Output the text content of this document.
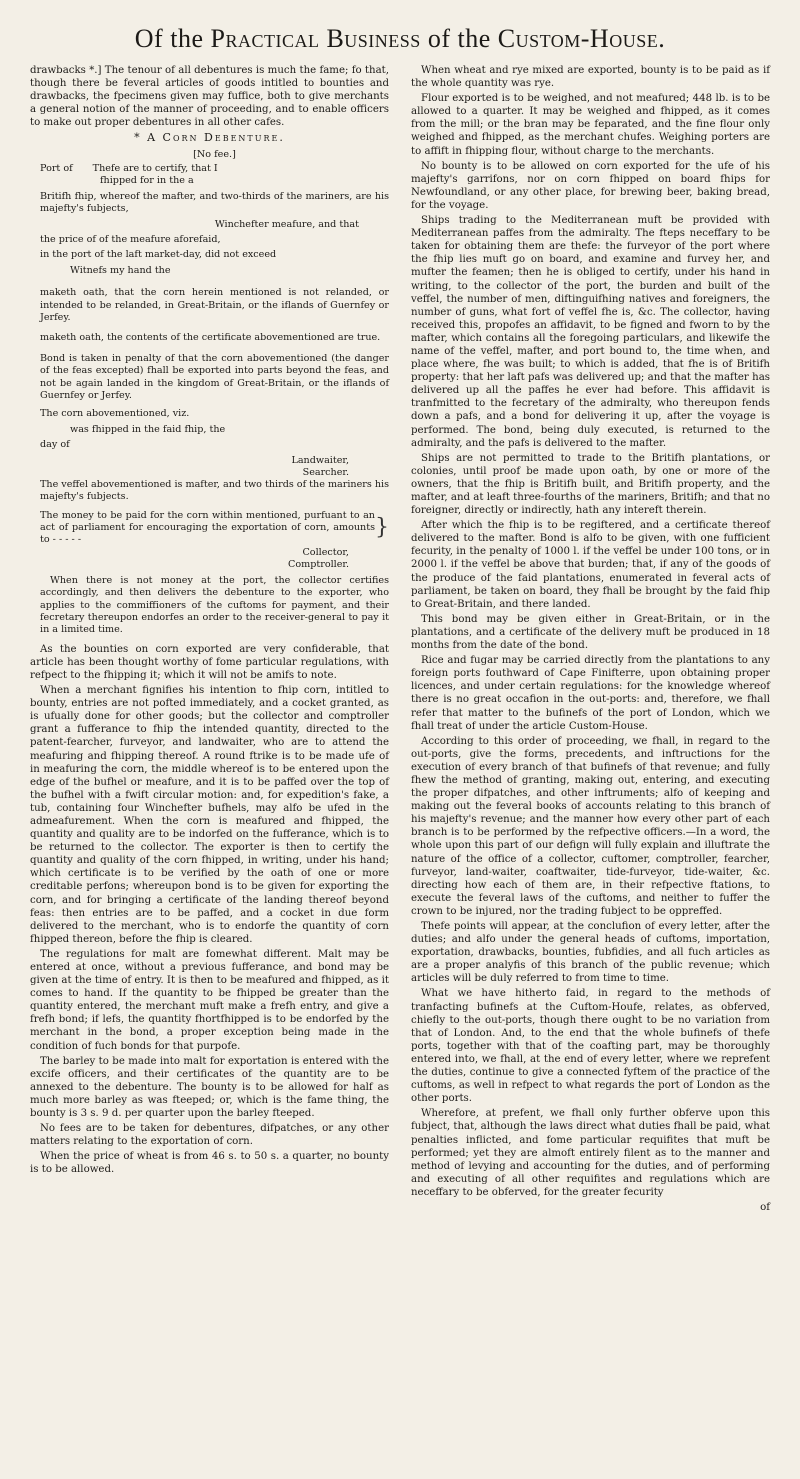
Of the Practical Business of the Custom-House.

drawbacks *.] The tenour of all debentures is much the fame; fo that, though there be feveral articles of goods intitled to bounties and drawbacks, the fpecimens given may fuffice, both to give merchants a general notion of the manner of proceeding, and to enable officers to make out proper debentures in all other cafes.

* A Corn Debenture.
[No fee.]
Port of	Thefe are to certify, that I

fhipped for in the a

Britifh fhip, whereof the mafter, and two-thirds of the mariners, are his majefty's fubjects,

Winchefter meafure, and that

the price of of the meafure aforefaid,

in the port of the laft market-day, did not exceed

Witnefs my hand the

maketh oath, that the corn herein mentioned is not relanded, or intended to be relanded, in Great-Britain, or the iflands of Guernfey or Jerfey.

maketh oath, the contents of the certificate abovementioned are true.

Bond is taken in penalty of that the corn abovementioned (the danger of the feas excepted) fhall be exported into parts beyond the feas, and not be again landed in the kingdom of Great-Britain, or the iflands of Guernfey or Jerfey.

The corn abovementioned, viz.

was fhipped in the faid fhip, the

day of

Landwaiter,
Searcher.

The veffel abovementioned is mafter, and two thirds of the mariners his majefty's fubjects.

The money to be paid for the corn within mentioned, purfuant to an act of parliament for encouraging the exportation of corn, amounts to - - - - -	}
Collector,
Comptroller.

When there is not money at the port, the collector certifies accordingly, and then delivers the debenture to the exporter, who applies to the commiffioners of the cuftoms for payment, and their fecretary thereupon endorfes an order to the receiver-general to pay it in a limited time.

As the bounties on corn exported are very confiderable, that article has been thought worthy of fome particular regulations, with refpect to the fhipping it; which it will not be amifs to note.

When a merchant fignifies his intention to fhip corn, intitled to bounty, entries are not pofted immediately, and a cocket granted, as is ufually done for other goods; but the collector and comptroller grant a fufferance to fhip the intended quantity, directed to the patent-fearcher, furveyor, and landwaiter, who are to attend the meafuring and fhipping thereof. A round ftrike is to be made ufe of in meafuring the corn, the middle whereof is to be entered upon the edge of the bufhel or meafure, and it is to be paffed over the top of the bufhel with a fwift circular motion: and, for expedition's fake, a tub, containing four Winchefter bufhels, may alfo be ufed in the admeafurement. When the corn is meafured and fhipped, the quantity and quality are to be indorfed on the fufferance, which is to be returned to the collector. The exporter is then to certify the quantity and quality of the corn fhipped, in writing, under his hand; which certificate is to be verified by the oath of one or more creditable perfons; whereupon bond is to be given for exporting the corn, and for bringing a certificate of the landing thereof beyond feas: then entries are to be paffed, and a cocket in due form delivered to the merchant, who is to endorfe the quantity of corn fhipped thereon, before the fhip is cleared.

The regulations for malt are fomewhat different. Malt may be entered at once, without a previous fufferance, and bond may be given at the time of entry. It is then to be meafured and fhipped, as it comes to hand. If the quantity to be fhipped be greater than the quantity entered, the merchant muft make a frefh entry, and give a frefh bond; if lefs, the quantity fhortfhipped is to be endorfed by the merchant in the bond, a proper exception being made in the condition of fuch bonds for that purpofe.

The barley to be made into malt for exportation is entered with the excife officers, and their certificates of the quantity are to be annexed to the debenture. The bounty is to be allowed for half as much more barley as was fteeped; or, which is the fame thing, the bounty is 3 s. 9 d. per quarter upon the barley fteeped.

No fees are to be taken for debentures, difpatches, or any other matters relating to the exportation of corn.

When the price of wheat is from 46 s. to 50 s. a quarter, no bounty is to be allowed.

When wheat and rye mixed are exported, bounty is to be paid as if the whole quantity was rye.

Flour exported is to be weighed, and not meafured; 448 lb. is to be allowed to a quarter. It may be weighed and fhipped, as it comes from the mill; or the bran may be feparated, and the fine flour only weighed and fhipped, as the merchant chufes. Weighing porters are to affift in fhipping flour, without charge to the merchants.

No bounty is to be allowed on corn exported for the ufe of his majefty's garrifons, nor on corn fhipped on board fhips for Newfoundland, or any other place, for brewing beer, baking bread, for the voyage.

Ships trading to the Mediterranean muft be provided with Mediterranean paffes from the admiralty. The fteps neceffary to be taken for obtaining them are thefe: the furveyor of the port where the fhip lies muft go on board, and examine and furvey her, and mufter the feamen; then he is obliged to certify, under his hand in writing, to the collector of the port, the burden and built of the veffel, the number of men, diftinguifhing natives and foreigners, the number of guns, what fort of veffel fhe is, &c. The collector, having received this, propofes an affidavit, to be figned and fworn to by the mafter, which contains all the foregoing particulars, and likewife the name of the veffel, mafter, and port bound to, the time when, and place where, fhe was built; to which is added, that fhe is of Britifh property: that her laft pafs was delivered up; and that the mafter has delivered up all the paffes he ever had before. This affidavit is tranfmitted to the fecretary of the admiralty, who thereupon fends down a pafs, and a bond for delivering it up, after the voyage is performed. The bond, being duly executed, is returned to the admiralty, and the pafs is delivered to the mafter.

Ships are not permitted to trade to the Britifh plantations, or colonies, until proof be made upon oath, by one or more of the owners, that the fhip is Britifh built, and Britifh property, and the mafter, and at leaft three-fourths of the mariners, Britifh; and that no foreigner, directly or indirectly, hath any intereft therein.

After which the fhip is to be regiftered, and a certificate thereof delivered to the mafter. Bond is alfo to be given, with one fufficient fecurity, in the penalty of 1000 l. if the veffel be under 100 tons, or in 2000 l. if the veffel be above that burden; that, if any of the goods of the produce of the faid plantations, enumerated in feveral acts of parliament, be taken on board, they fhall be brought by the faid fhip to Great-Britain, and there landed.

This bond may be given either in Great-Britain, or in the plantations, and a certificate of the delivery muft be produced in 18 months from the date of the bond.

Rice and fugar may be carried directly from the plantations to any foreign ports fouthward of Cape Finifterre, upon obtaining proper licences, and under certain regulations: for the knowledge whereof there is no great occafion in the out-ports: and, therefore, we fhall refer that matter to the bufinefs of the port of London, which we fhall treat of under the article Custom-House.

According to this order of proceeding, we fhall, in regard to the out-ports, give the forms, precedents, and inftructions for the execution of every branch of that bufinefs of that revenue; and fully fhew the method of granting, making out, entering, and executing the proper difpatches, and other inftruments; alfo of keeping and making out the feveral books of accounts relating to this branch of his majefty's revenue; and the manner how every other part of each branch is to be performed by the refpective officers.—In a word, the whole upon this part of our defign will fully explain and illuftrate the nature of the office of a collector, cuftomer, comptroller, fearcher, furveyor, land-waiter, coaftwaiter, tide-furveyor, tide-waiter, &c. directing how each of them are, in their refpective ftations, to execute the feveral laws of the cuftoms, and neither to fuffer the crown to be injured, nor the trading fubject to be oppreffed.

Thefe points will appear, at the conclufion of every letter, after the duties; and alfo under the general heads of cuftoms, importation, exportation, drawbacks, bounties, fubfidies, and all fuch articles as are a proper analyfis of this branch of the public revenue; which articles will be duly referred to from time to time.

What we have hitherto faid, in regard to the methods of tranfacting bufinefs at the Cuftom-Houfe, relates, as obferved, chiefly to the out-ports, though there ought to be no variation from that of London. And, to the end that the whole bufinefs of thefe ports, together with that of the coafting part, may be thoroughly entered into, we fhall, at the end of every letter, where we reprefent the duties, continue to give a connected fyftem of the practice of the cuftoms, as well in refpect to what regards the port of London as the other ports.

Wherefore, at prefent, we fhall only further obferve upon this fubject, that, although the laws direct what duties fhall be paid, what penalties inflicted, and fome particular requifites that muft be performed; yet they are almoft entirely filent as to the manner and method of levying and accounting for the duties, and of performing and executing of all other requifites and regulations which are neceffary to be obferved, for the greater fecurity

of
